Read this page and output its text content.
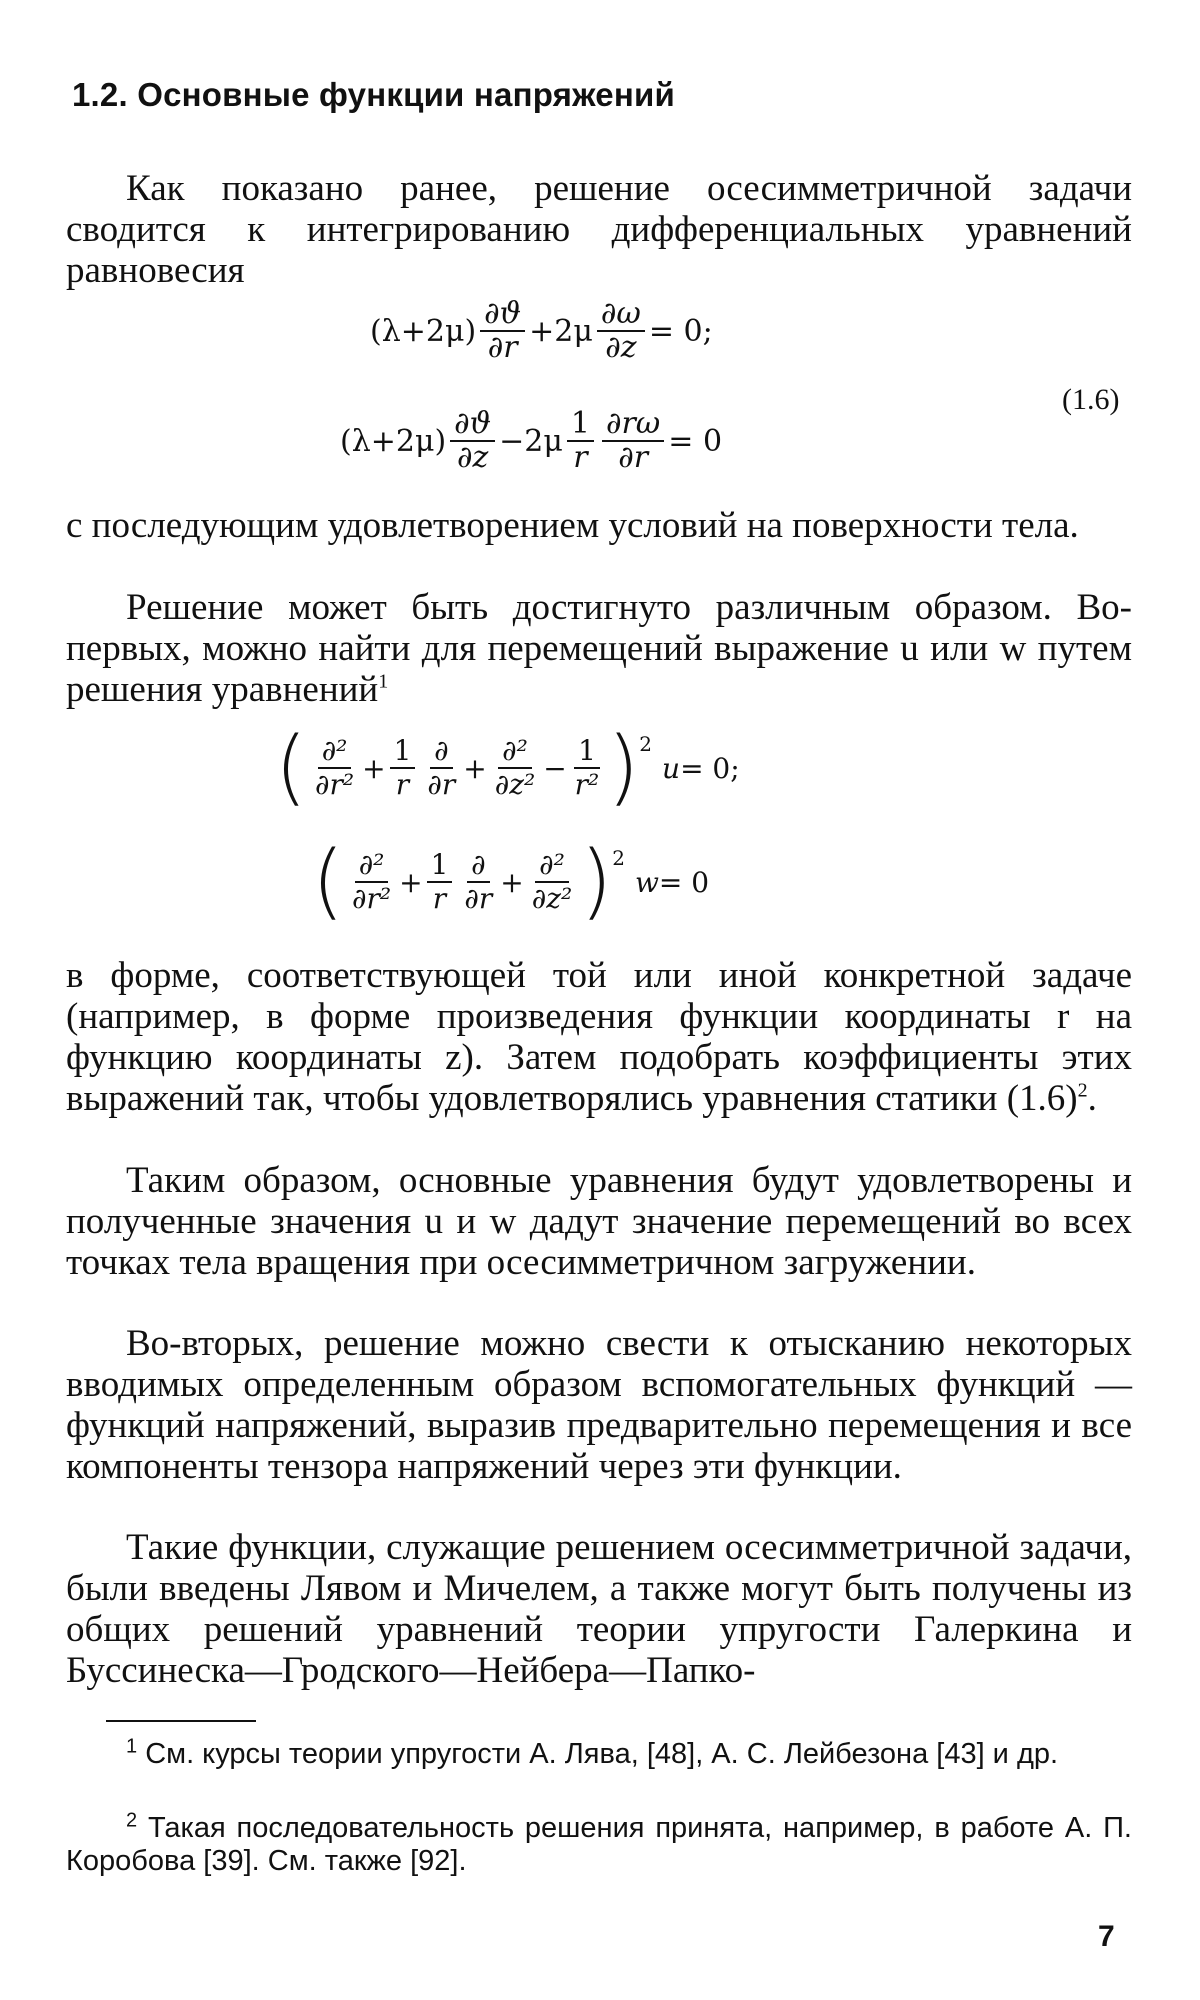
1.2. Основные функции напряжений

Как показано ранее, решение осесимметричной задачи сводится к интегрированию дифференциальных уравнений равновесия

$(\lambda+2\mu) \frac{\partial ϑ}{\partial r} +2\mu \frac{\partial\omega}{\partial z} = 0$;
$(\lambda+2\mu) \frac{\partial ϑ}{\partial z} -2\mu \frac{1}{r} \frac{\partial r\omega}{\partial r} = 0$
(1.6)

с последующим удовлетворением условий на поверхности тела.

Решение может быть достигнуто различным образом. Во-первых, можно найти для перемещений выражение u или w путем решения уравнений$^1$

( $\frac{\text{∂²}}{\text{∂r²}} + \frac{1}{r} \frac{\partial}{\partial r} + \frac{\text{∂²}}{\text{∂z²}} - \frac{1}{\text{r²}}$ ) 2
u = 0;
( $\frac{\text{∂²}}{\text{∂r²}} + \frac{1}{r} \frac{\partial}{\partial r} + \frac{\text{∂²}}{\text{∂z²}}$ ) 2
w = 0

в форме, соответствующей той или иной конкретной задаче (например, в форме произведения функции координаты r на функцию координаты z). Затем подобрать коэффициенты этих выражений так, чтобы удовлетворялись уравнения статики (1.6)$^2$.

Таким образом, основные уравнения будут удовлетворены и полученные значения u и w дадут значение перемещений во всех точках тела вращения при осесимметричном загружении.

Во-вторых, решение можно свести к отысканию некоторых вводимых определенным образом вспомогательных функций — функций напряжений, выразив предварительно перемещения и все компоненты тензора напряжений через эти функции.

Такие функции, служащие решением осесимметричной задачи, были введены Лявом и Мичелем, а также могут быть получены из общих решений уравнений теории упругости Галеркина и Буссинеска—Гродского—Нейбера—Папко-

$^1$ См. курсы теории упругости А. Лява, [48], А. С. Лейбезона [43] и др.

$^2$ Такая последовательность решения принята, например, в работе А. П. Коробова [39]. См. также [92].

7
